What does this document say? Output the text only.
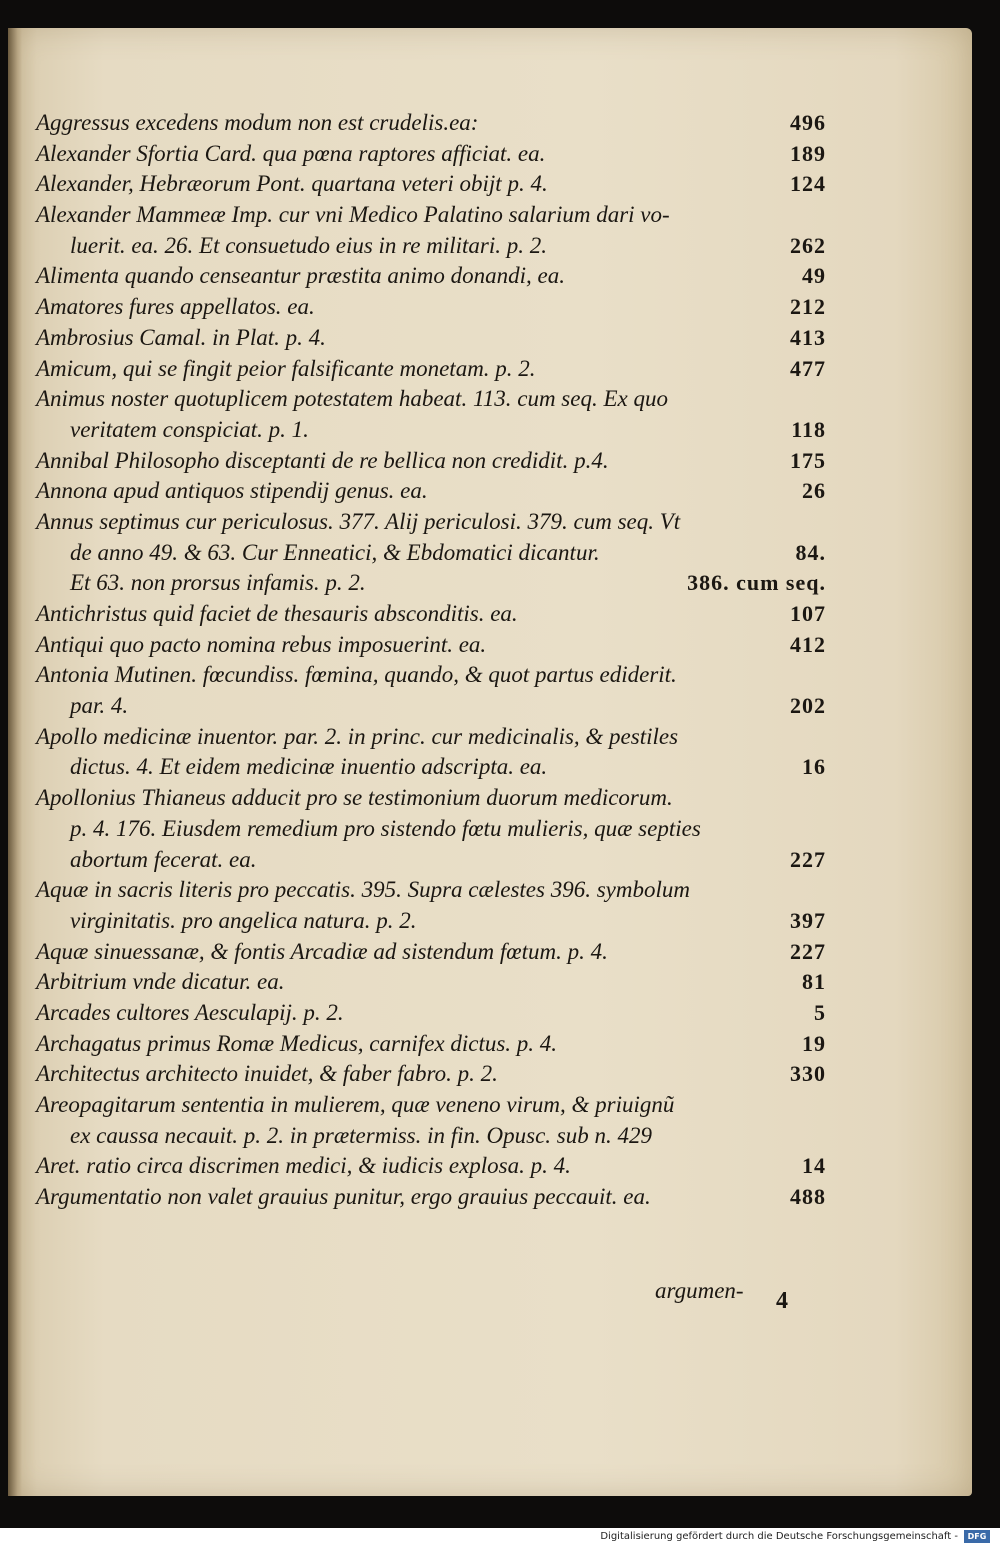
Aggressus excedens modum non est crudelis.ea:	496
Alexander Sfortia Card. qua pœna raptores afficiat. ea.	189
Alexander, Hebræorum Pont. quartana veteri obijt p. 4.	124
Alexander Mammeæ Imp. cur vni Medico Palatino salarium dari vo-
luerit. ea. 26. Et consuetudo eius in re militari. p. 2.	262
Alimenta quando censeantur præstita animo donandi, ea.	49
Amatores fures appellatos. ea.	212
Ambrosius Camal. in Plat. p. 4.	413
Amicum, qui se fingit peior falsificante monetam. p. 2.	477
Animus noster quotuplicem potestatem habeat. 113. cum seq. Ex quo
veritatem conspiciat. p. 1.	118
Annibal Philosopho disceptanti de re bellica non credidit. p.4.	175
Annona apud antiquos stipendij genus. ea.	26
Annus septimus cur periculosus. 377. Alij periculosi. 379. cum seq. Vt
de anno 49. & 63. Cur Enneatici, & Ebdomatici dicantur.	84.
Et 63. non prorsus infamis. p. 2.	386. cum seq.
Antichristus quid faciet de thesauris absconditis. ea.	107
Antiqui quo pacto nomina rebus imposuerint. ea.	412
Antonia Mutinen. fœcundiss. fœmina, quando, & quot partus ediderit.
par. 4.	202
Apollo medicinæ inuentor. par. 2. in princ. cur medicinalis, & pestiles
dictus. 4. Et eidem medicinæ inuentio adscripta. ea.	16
Apollonius Thianeus adducit pro se testimonium duorum medicorum.
p. 4. 176. Eiusdem remedium pro sistendo fœtu mulieris, quæ septies
abortum fecerat. ea.	227
Aquæ in sacris literis pro peccatis. 395. Supra cælestes 396. symbolum
virginitatis. pro angelica natura. p. 2.	397
Aquæ sinuessanæ, & fontis Arcadiæ ad sistendum fœtum. p. 4.	227
Arbitrium vnde dicatur. ea.	81
Arcades cultores Aesculapij. p. 2.	5
Archagatus primus Romæ Medicus, carnifex dictus. p. 4.	19
Architectus architecto inuidet, & faber fabro. p. 2.	330
Areopagitarum sententia in mulierem, quæ veneno virum, & priuignũ
ex caussa necauit. p. 2. in prætermiss. in fin. Opusc. sub n. 429
Aret. ratio circa discrimen medici, & iudicis explosa. p. 4.	14
Argumentatio non valet grauius punitur, ergo grauius peccauit. ea.	488
argumen- 4
Digitalisierung gefördert durch die Deutsche Forschungsgemeinschaft -	DFG
